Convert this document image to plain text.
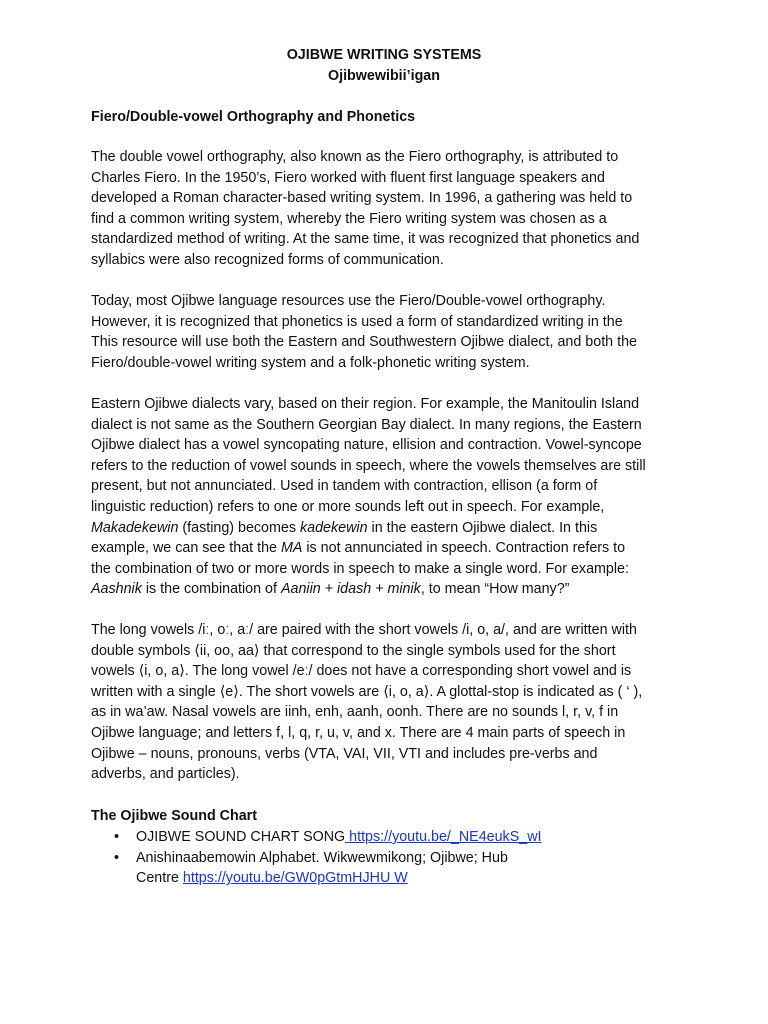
OJIBWE WRITING SYSTEMS
Ojibwewibii’igan
Fiero/Double-vowel Orthography and Phonetics
The double vowel orthography, also known as the Fiero orthography, is attributed to
Charles Fiero. In the 1950’s, Fiero worked with fluent first language speakers and
developed a Roman character-based writing system. In 1996, a gathering was held to
find a common writing system, whereby the Fiero writing system was chosen as a
standardized method of writing. At the same time, it was recognized that phonetics and
syllabics were also recognized forms of communication.
Today, most Ojibwe language resources use the Fiero/Double-vowel orthography.
However, it is recognized that phonetics is used a form of standardized writing in the
This resource will use both the Eastern and Southwestern Ojibwe dialect, and both the
Fiero/double-vowel writing system and a folk-phonetic writing system.
Eastern Ojibwe dialects vary, based on their region. For example, the Manitoulin Island
dialect is not same as the Southern Georgian Bay dialect. In many regions, the Eastern
Ojibwe dialect has a vowel syncopating nature, ellision and contraction. Vowel-syncope
refers to the reduction of vowel sounds in speech, where the vowels themselves are still
present, but not annunciated. Used in tandem with contraction, ellison (a form of
linguistic reduction) refers to one or more sounds left out in speech. For example,
Makadekewin (fasting) becomes kadekewin in the eastern Ojibwe dialect. In this
example, we can see that the MA is not annunciated in speech. Contraction refers to
the combination of two or more words in speech to make a single word. For example:
Aashnik is the combination of Aaniin + idash + minik, to mean “How many?”
The long vowels /iː, oː, aː/ are paired with the short vowels /i, o, a/, and are written with
double symbols ⟨ii, oo, aa⟩ that correspond to the single symbols used for the short
vowels ⟨i, o, a⟩. The long vowel /eː/ does not have a corresponding short vowel and is
written with a single ⟨e⟩. The short vowels are ⟨i, o, a⟩. A glottal-stop is indicated as ( ‘ ),
as in wa’aw. Nasal vowels are iinh, enh, aanh, oonh. There are no sounds l, r, v, f in
Ojibwe language; and letters f, l, q, r, u, v, and x. There are 4 main parts of speech in
Ojibwe – nouns, pronouns, verbs (VTA, VAI, VII, VTI and includes pre-verbs and
adverbs, and particles).
The Ojibwe Sound Chart
• OJIBWE SOUND CHART SONG https://youtu.be/_NE4eukS_wI
• Anishinaabemowin Alphabet. Wikwewmikong; Ojibwe; Hub
Centre https://youtu.be/GW0pGtmHJHU W
